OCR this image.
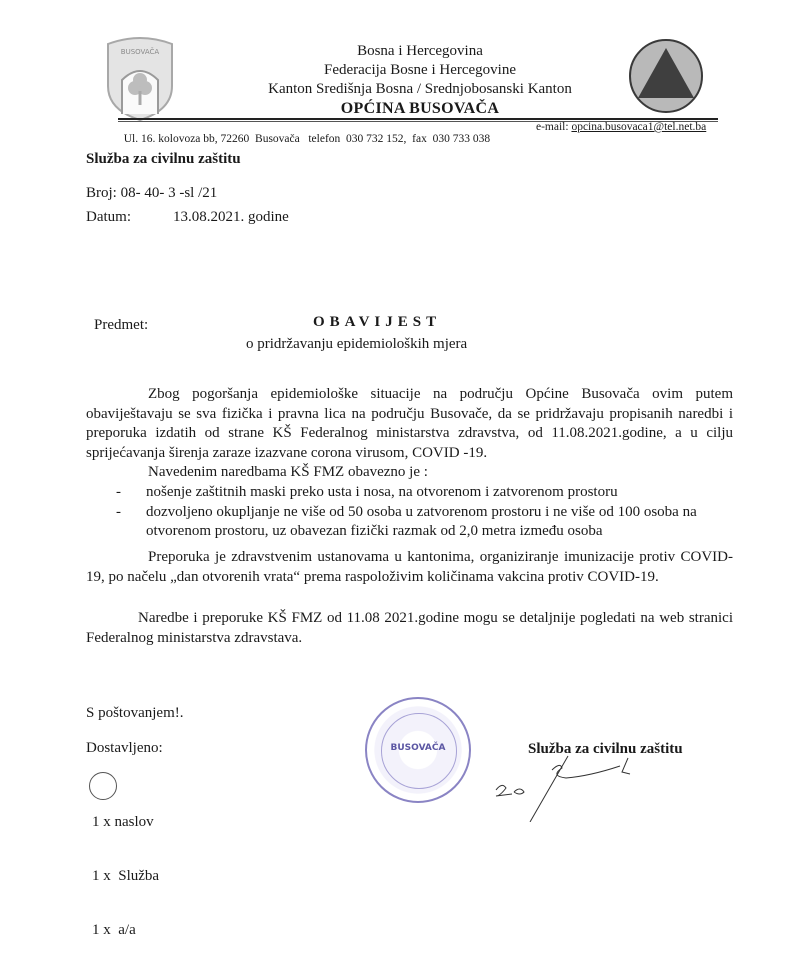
BUSOVAČA	Bosna i Hercegovina
Federacija Bosne i Hercegovine
Kanton Središnja Bosna / Srednjobosanski Kanton
OPĆINA BUSOVAČA

Ul. 16. kolovoza bb, 72260  Busovača   telefon  030 732 152,  fax  030 733 038

e-mail: opcina.busovaca1@tel.net.ba

Služba za civilnu zaštitu
Broj: 08- 40- 3 -sl /21
Datum:	13.08.2021. godine
Predmet:	OBAVIJEST
o pridržavanju epidemioloških mjera

Zbog pogoršanja epidemiološke situacije na području Općine Busovača ovim putem obaviještavaju se sva fizička i pravna lica na području Busovače, da se pridržavaju propisanih naredbi i preporuka izdatih od strane KŠ Federalnog ministarstva zdravstva, od 11.08.2021.godine, a u cilju sprijećavanja širenja zaraze izazvane corona virusom, COVID -19.

Navedenim naredbama KŠ FMZ obavezno je :

- nošenje zaštitnih maski preko usta i nosa, na otvorenom i zatvorenom prostoru
- dozvoljeno okupljanje ne više od 50 osoba u zatvorenom prostoru i ne više od 100 osoba na otvorenom prostoru, uz obavezan fizički razmak od 2,0 metra između osoba

Preporuka je zdravstvenim ustanovama u kantonima, organiziranje imunizacije protiv COVID-19, po načelu „dan otvorenih vrata“ prema raspoloživim količinama vakcina protiv COVID-19.

Naredbe i preporuke KŠ FMZ od 11.08 2021.godine mogu se detaljnije pogledati na web stranici Federalnog ministarstva zdravstava.

S poštovanjem!.
Dostavljeno:

1 x naslov

1 x  Služba

1 x  a/a

BUSOVAČA	Služba za civilnu zaštitu
